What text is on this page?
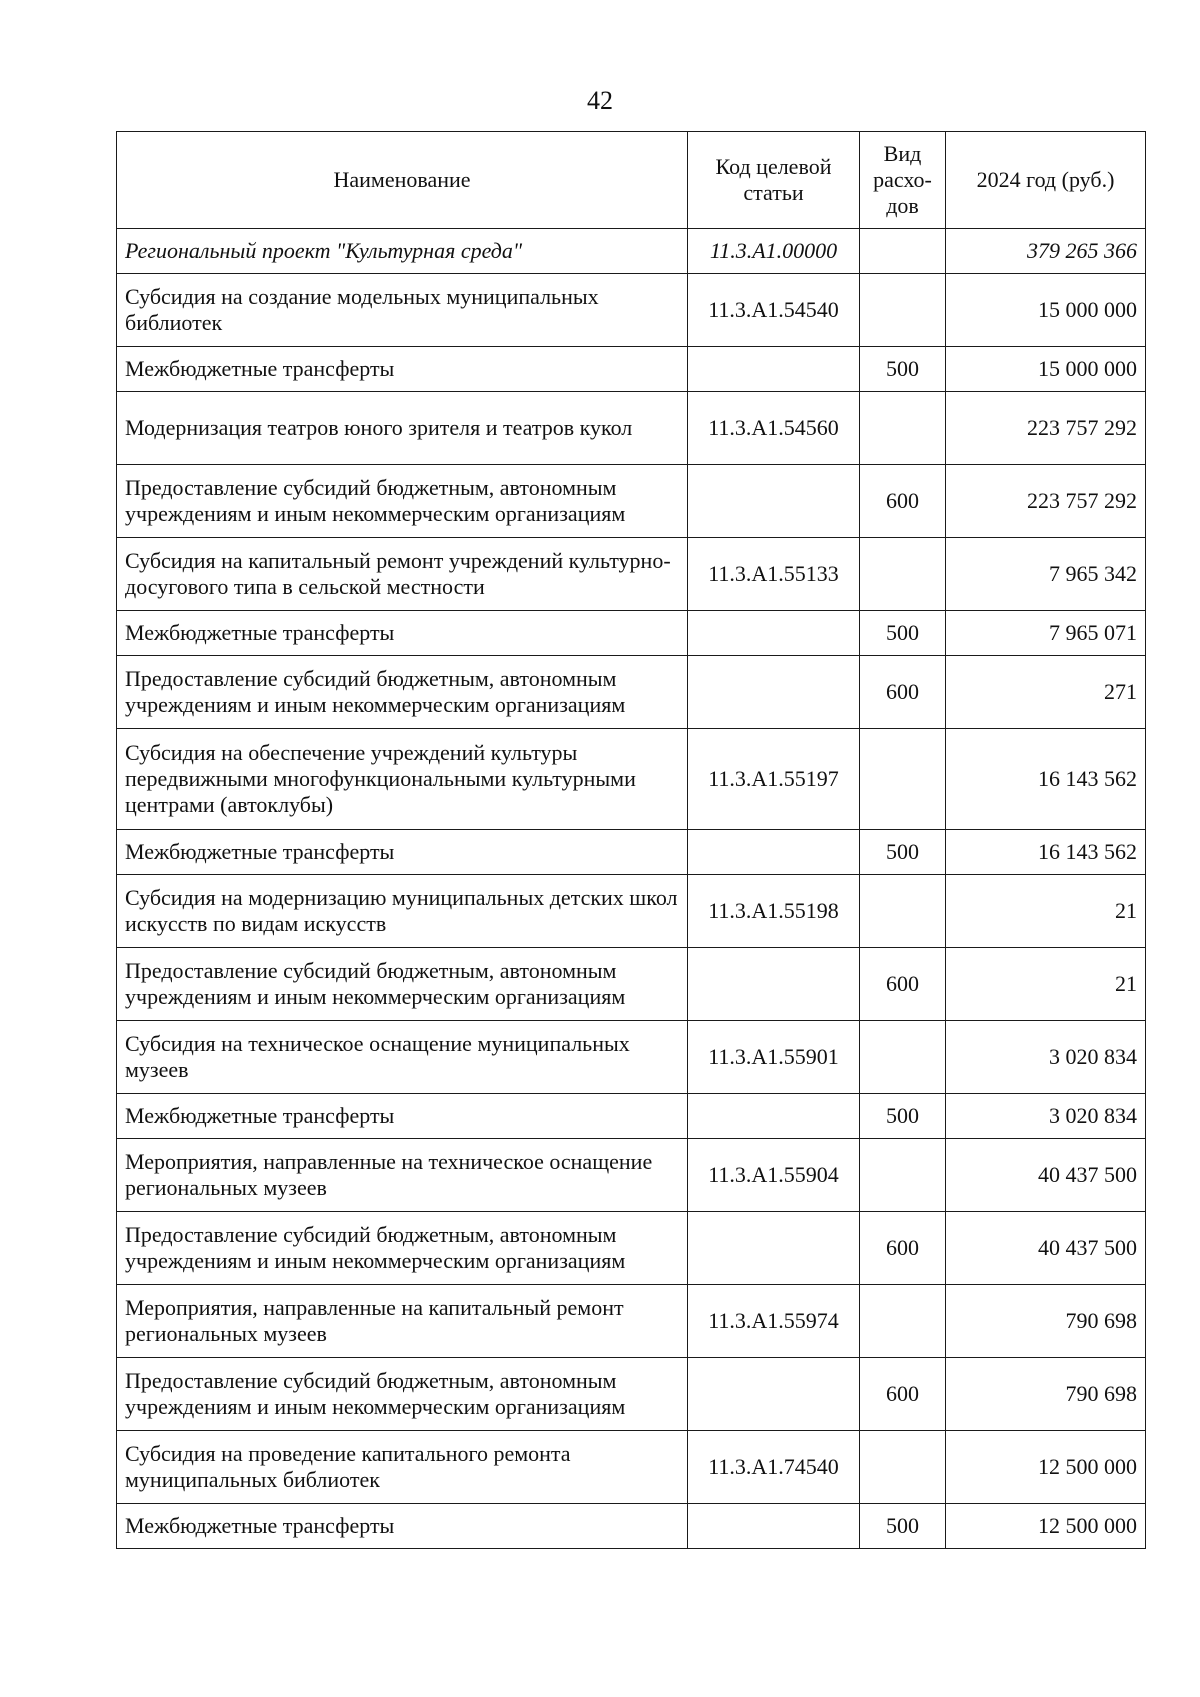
42
Наименование	Код целевой статьи	Вид расхо-дов	2024 год (руб.)
Региональный проект "Культурная среда"	11.3.А1.00000		379 265 366
Субсидия на создание модельных муниципальных библиотек	11.3.А1.54540		15 000 000
Межбюджетные трансферты		500	15 000 000
Модернизация театров юного зрителя и театров кукол	11.3.А1.54560		223 757 292
Предоставление субсидий бюджетным, автономным учреждениям и иным некоммерческим организациям		600	223 757 292
Субсидия на капитальный ремонт учреждений культурно-досугового типа в сельской местности	11.3.А1.55133		7 965 342
Межбюджетные трансферты		500	7 965 071
Предоставление субсидий бюджетным, автономным учреждениям и иным некоммерческим организациям		600	271
Субсидия на обеспечение учреждений культуры передвижными многофункциональными культурными центрами (автоклубы)	11.3.А1.55197		16 143 562
Межбюджетные трансферты		500	16 143 562
Субсидия на модернизацию муниципальных детских школ искусств по видам искусств	11.3.А1.55198		21
Предоставление субсидий бюджетным, автономным учреждениям и иным некоммерческим организациям		600	21
Субсидия на техническое оснащение муниципальных музеев	11.3.А1.55901		3 020 834
Межбюджетные трансферты		500	3 020 834
Мероприятия, направленные на техническое оснащение региональных музеев	11.3.А1.55904		40 437 500
Предоставление субсидий бюджетным, автономным учреждениям и иным некоммерческим организациям		600	40 437 500
Мероприятия, направленные на капитальный ремонт региональных музеев	11.3.А1.55974		790 698
Предоставление субсидий бюджетным, автономным учреждениям и иным некоммерческим организациям		600	790 698
Субсидия на проведение капитального ремонта муниципальных библиотек	11.3.А1.74540		12 500 000
Межбюджетные трансферты		500	12 500 000
